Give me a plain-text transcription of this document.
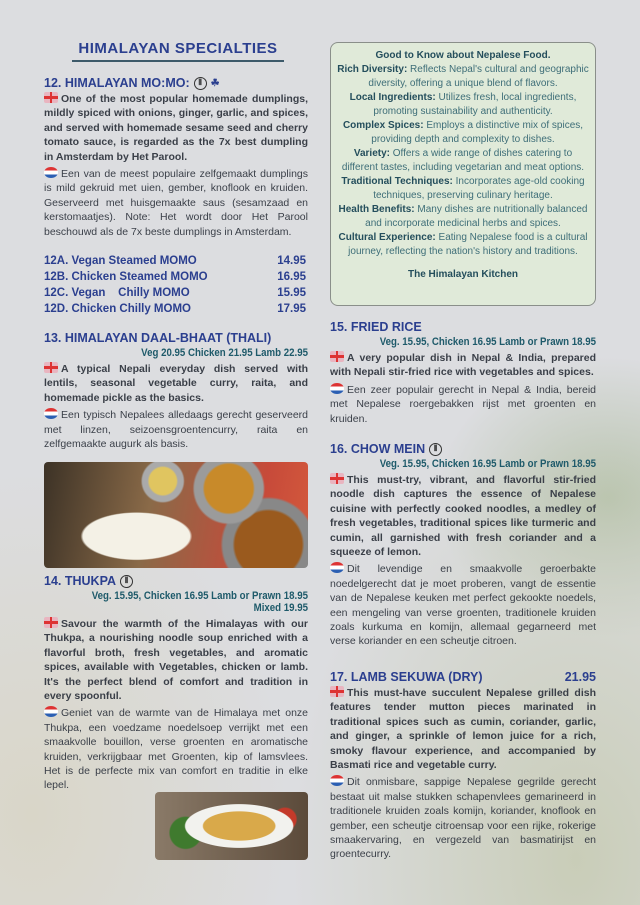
HIMALAYAN SPECIALTIES
12. HIMALAYAN MO:MO:	⦀ ☘

One of the most popular homemade dumplings, mildly spiced with onions, ginger, garlic, and spices, and served with homemade sesame seed and cherry tomato sauce, is regarded as the 7x best dumpling in Amsterdam by Het Parool.

Een van de meest populaire zelfgemaakt dumplings is mild gekruid met uien, gember, knoflook en kruiden. Geserveerd met huisgemaakte saus (sesamzaad en kerstomaatjes). Note: Het wordt door Het Parool beschouwd als de 7x beste dumplings in Amsterdam.

12A. Vegan Steamed MOMO	14.95
12B. Chicken Steamed MOMO	16.95
12C. Vegan    Chilly MOMO	15.95
12D. Chicken Chilly MOMO	17.95
13. HIMALAYAN DAAL-BHAAT (THALI)
Veg 20.95 Chicken 21.95 Lamb 22.95

A typical Nepali everyday dish served with lentils, seasonal vegetable curry, raita, and homemade pickle as the basics.

Een typisch Nepalees alledaags gerecht geserveerd met linzen, seizoensgroentencurry, raita en zelfgemaakte augurk als basis.

14. THUKPA	⦀
Veg. 15.95, Chicken 16.95 Lamb or Prawn 18.95 Mixed 19.95

Savour the warmth of the Himalayas with our Thukpa, a nourishing noodle soup enriched with a flavorful broth, fresh vegetables, and aromatic spices, available with Vegetables, chicken or lamb. It's the perfect blend of comfort and tradition in every spoonful.

Geniet van de warmte van de Himalaya met onze Thukpa, een voedzame noedelsoep verrijkt met een smaakvolle bouillon, verse groenten en aromatische kruiden, verkrijgbaar met Groenten, kip of lamsvlees. Het is de perfecte mix van comfort en traditie in elke lepel.

Good to Know about Nepalese Food.
Rich Diversity: Reflects Nepal's cultural and geographic diversity, offering a unique blend of flavors.
Local Ingredients: Utilizes fresh, local ingredients, promoting sustainability and authenticity.
Complex Spices: Employs a distinctive mix of spices, providing depth and complexity to dishes.
Variety: Offers a wide range of dishes catering to different tastes, including vegetarian and meat options.
Traditional Techniques: Incorporates age-old cooking techniques, preserving culinary heritage.
Health Benefits: Many dishes are nutritionally balanced and incorporate medicinal herbs and spices.
Cultural Experience: Eating Nepalese food is a cultural journey, reflecting the nation's history and traditions.
The Himalayan Kitchen
15. FRIED RICE
Veg. 15.95, Chicken 16.95 Lamb or Prawn 18.95

A very popular dish in Nepal & India, prepared with Nepali stir-fried rice with vegetables and spices.

Een zeer populair gerecht in Nepal & India, bereid met Nepalese roergebakken rijst met groenten en kruiden.

16. CHOW MEIN	⦀
Veg. 15.95, Chicken 16.95 Lamb or Prawn 18.95

This must-try, vibrant, and flavorful stir-fried noodle dish captures the essence of Nepalese cuisine with perfectly cooked noodles, a medley of fresh vegetables, traditional spices like turmeric and cumin, all garnished with fresh coriander and a squeeze of lemon.

Dit levendige en smaakvolle geroerbakte noedelgerecht dat je moet proberen, vangt de essentie van de Nepalese keuken met perfect gekookte noedels, een mengeling van verse groenten, traditionele kruiden zoals kurkuma en komijn, allemaal gegarneerd met verse koriander en een scheutje citroen.

17. LAMB SEKUWA (DRY)	21.95

This must-have succulent Nepalese grilled dish features tender mutton pieces marinated in traditional spices such as cumin, coriander, garlic, and ginger, a sprinkle of lemon juice for a rich, smoky flavour experience, and accompanied by Basmati rice and vegetable curry.

Dit onmisbare, sappige Nepalese gegrilde gerecht bestaat uit malse stukken schapenvlees gemarineerd in traditionele kruiden zoals komijn, koriander, knoflook en gember, een scheutje citroensap voor een rijke, rokerige smaakervaring, en vergezeld van basmatirijst en groentecurry.
